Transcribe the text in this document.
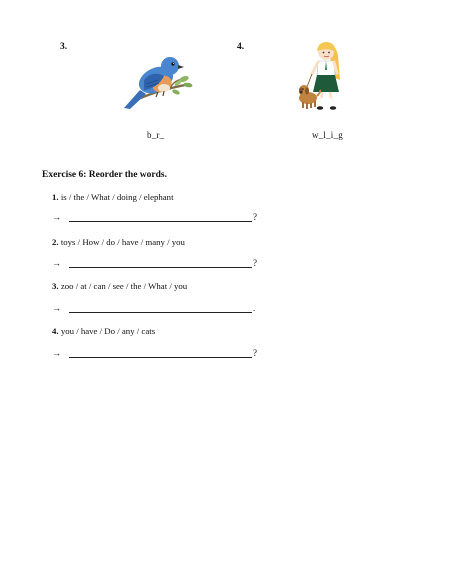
3.
b_r_
4.
w_l_i_g
Exercise 6: Reorder the words.
1. is / the / What / doing / elephant
→	?
2. toys / How / do / have / many / you
→	?
3. zoo / at / can / see / the / What / you
→	.
4. you / have / Do / any / cats
→	?
